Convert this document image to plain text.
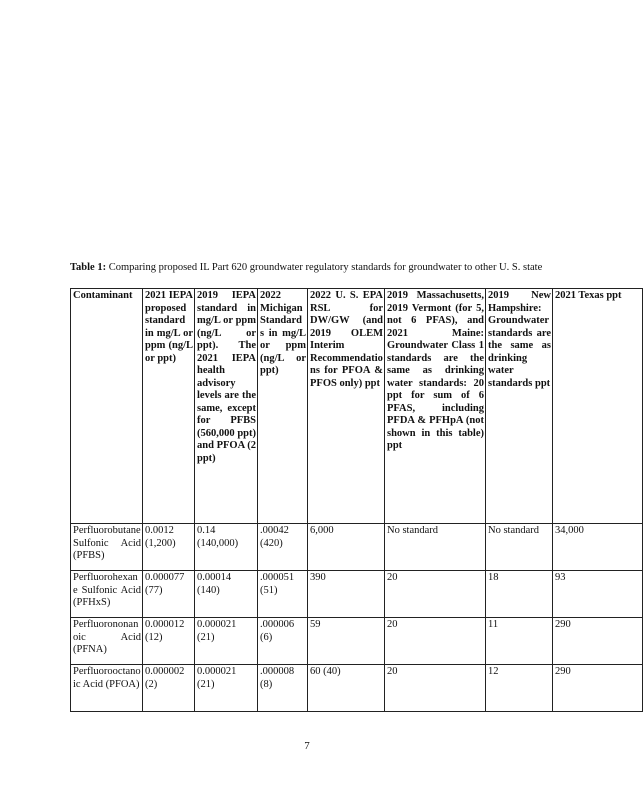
Table 1: Comparing proposed IL Part 620 groundwater regulatory standards for groundwater to other U. S. state
Contaminant	2021 IEPA proposed standard in mg/L or ppm (ng/L or ppt)	2019 IEPA standard in mg/L or ppm (ng/L or ppt). The 2021 IEPA health advisory levels are the same, except for PFBS (560,000 ppt) and PFOA (2 ppt)	2022 Michigan Standards in mg/L or ppm (ng/L or ppt)	2022 U. S. EPA RSL for DW/GW (and 2019 OLEM Interim Recommendations for PFOA & PFOS only) ppt	2019 Massachusetts, 2019 Vermont (for 5, not 6 PFAS), and 2021 Maine: Groundwater Class 1 standards are the same as drinking water standards: 20 ppt for sum of 6 PFAS, including PFDA & PFHpA (not shown in this table) ppt	2019 New Hampshire: Groundwater standards are the same as drinking water standards ppt	2021 Texas ppt
Perfluorobutane Sulfonic Acid (PFBS)	0.0012 (1,200)	0.14 (140,000)	.00042 (420)	6,000	No standard	No standard	34,000
Perfluorohexane Sulfonic Acid (PFHxS)	0.000077 (77)	0.00014 (140)	.000051 (51)	390	20	18	93
Perfluorononanoic Acid (PFNA)	0.000012 (12)	0.000021 (21)	.000006 (6)	59	20	11	290
Perfluorooctanoic Acid (PFOA)	0.000002 (2)	0.000021 (21)	.000008 (8)	60 (40)	20	12	290
7
